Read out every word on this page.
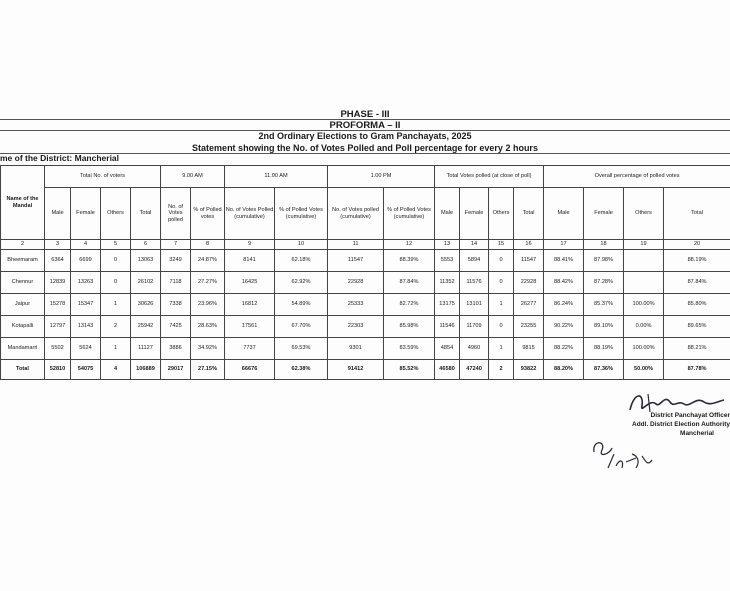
PHASE - III
PROFORMA – II
2nd Ordinary Elections to Gram Panchayats, 2025
Statement showing the No. of Votes Polled and Poll percentage for every 2 hours
me of the District: Mancherial
Name of the Mandal	Total No. of voters				9.00 AM		11.00 AM		1.00 PM		Total Votes polled (at close of poll)				Overall percentage of polled votes			
	Male	Female	Others	Total	No. of Votes polled	% of Polled votes	No. of Votes Polled (cumulative)	% of Polled Votes (cumulative)	No. of Votes polled (cumulative)	% of Polled Votes (cumulative)	Male	Female	Others	Total	Male	Female	Others	Total
2	3	4	5	6	7	8	9	10	11	12	13	14	15	16	17	18	19	20
Bheemaram	6364	6699	0	13063	3249	24.87%	8141	62.18%	11547	88.39%	5553	5894	0	11547	88.41%	87.98%		88.19%
Chennur	12839	13263	0	26102	7118	27.27%	16425	62.92%	22928	87.84%	11352	11576	0	22928	88.42%	87.28%		87.84%
Jaipur	15278	15347	1	30626	7338	23.96%	16812	54.89%	25333	82.72%	13175	13101	1	26277	86.24%	85.37%	100.00%	85.80%
Kotapalli	12797	13143	2	25942	7425	28.63%	17561	67.70%	22303	85.98%	11546	11709	0	23255	90.22%	89.10%	0.00%	89.65%
Mandamarri	5502	5624	1	11127	3886	34.92%	7737	69.53%	9301	83.59%	4854	4960	1	9815	88.22%	88.19%	100.00%	88.21%
Total	52810	54075	4	106889	29017	27.15%	66676	62.38%	91412	85.52%	46580	47240	2	93822	88.20%	87.36%	50.00%	87.78%
District Panchayat Officer
Addl. District Election Authority
Mancherial
